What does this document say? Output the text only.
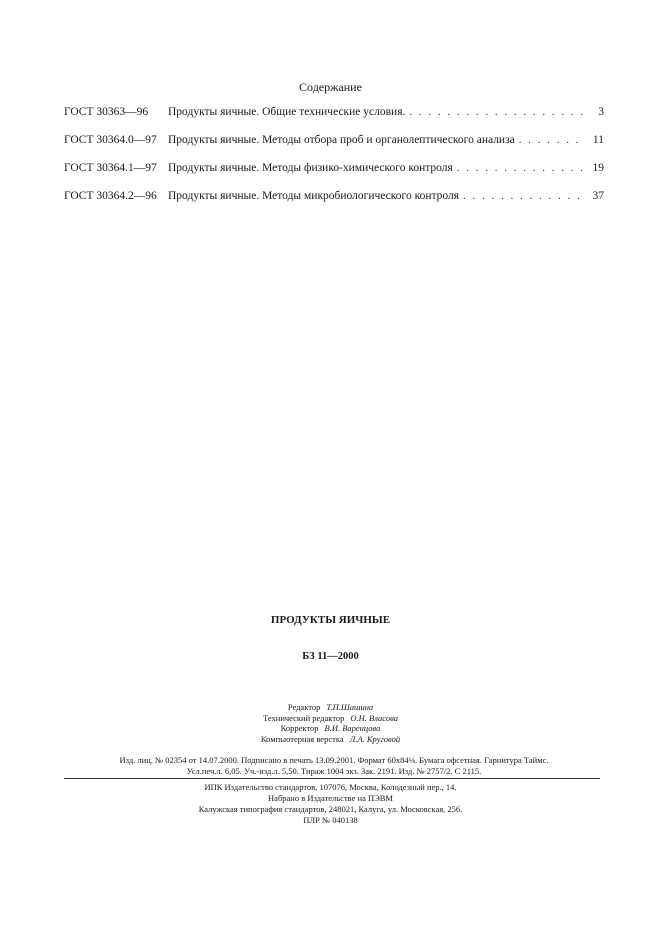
Содержание
ГОСТ 30363—96	Продукты яичные. Общие технические условия. . . .	3
ГОСТ 30364.0—97 Продукты яичные. Методы отбора проб и органолептического анализа . . .	11
ГОСТ 30364.1—97 Продукты яичные. Методы физико-химического контроля . . .	19
ГОСТ 30364.2—96 Продукты яичные. Методы микробиологического контроля . . .	37
ПРОДУКТЫ ЯИЧНЫЕ
БЗ 11—2000
Редактор Т.П.Шашина
Технический редактор О.Н. Власова
Корректор В.И. Варенцова
Компьютерная верстка Л.А. Круговой
Изд. лиц. № 02354 от 14.07.2000. Подписано в печать 13.09.2001. Формат 60x84⅛. Бумага офсетная. Гарнитура Таймс.
Усл.печ.л. 6,05. Уч.-изд.л. 5,50. Тираж 1004 экз. Зак. 2191. Изд. № 2757/2. С 2115.
ИПК Издательство стандартов, 107076, Москва, Колодезный пер., 14.
Набрано в Издательстве на ПЭВМ
Калужская типография стандартов, 248021, Калуга, ул. Московская, 256.
ПЛР № 040138
